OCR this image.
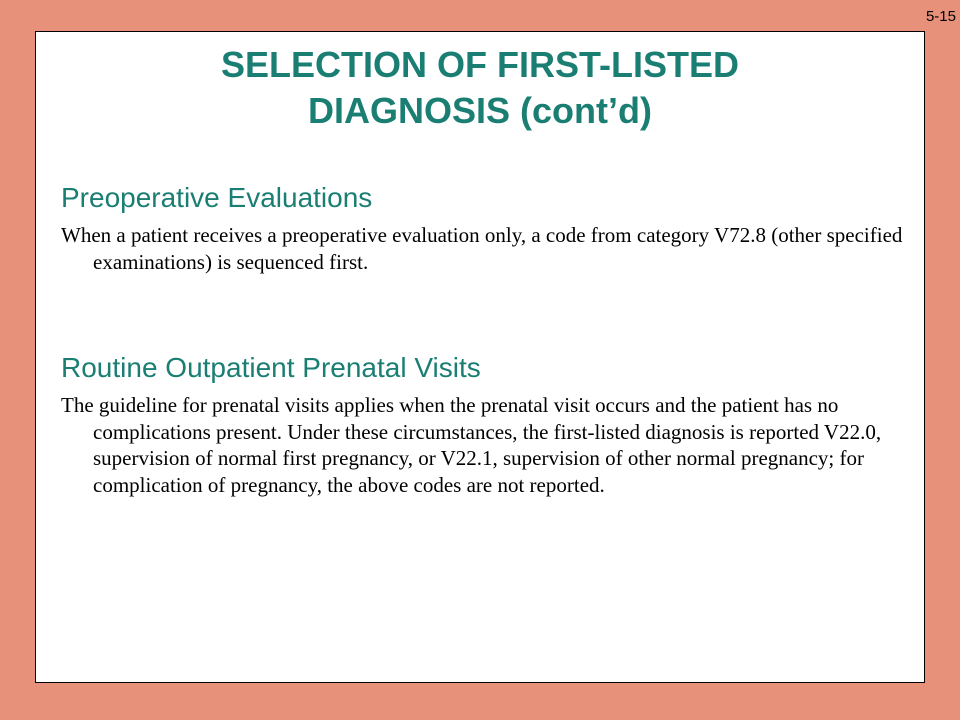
5-15
SELECTION OF FIRST-LISTED
DIAGNOSIS (cont’d)
Preoperative Evaluations

When a patient receives a preoperative evaluation only, a code from category V72.8 (other specified examinations) is sequenced first.

Routine Outpatient Prenatal Visits

The guideline for prenatal visits applies when the prenatal visit occurs and the patient has no complications present. Under these circumstances, the first-listed diagnosis is reported V22.0, supervision of normal first pregnancy, or V22.1, supervision of other normal pregnancy; for complication of pregnancy, the above codes are not reported.
